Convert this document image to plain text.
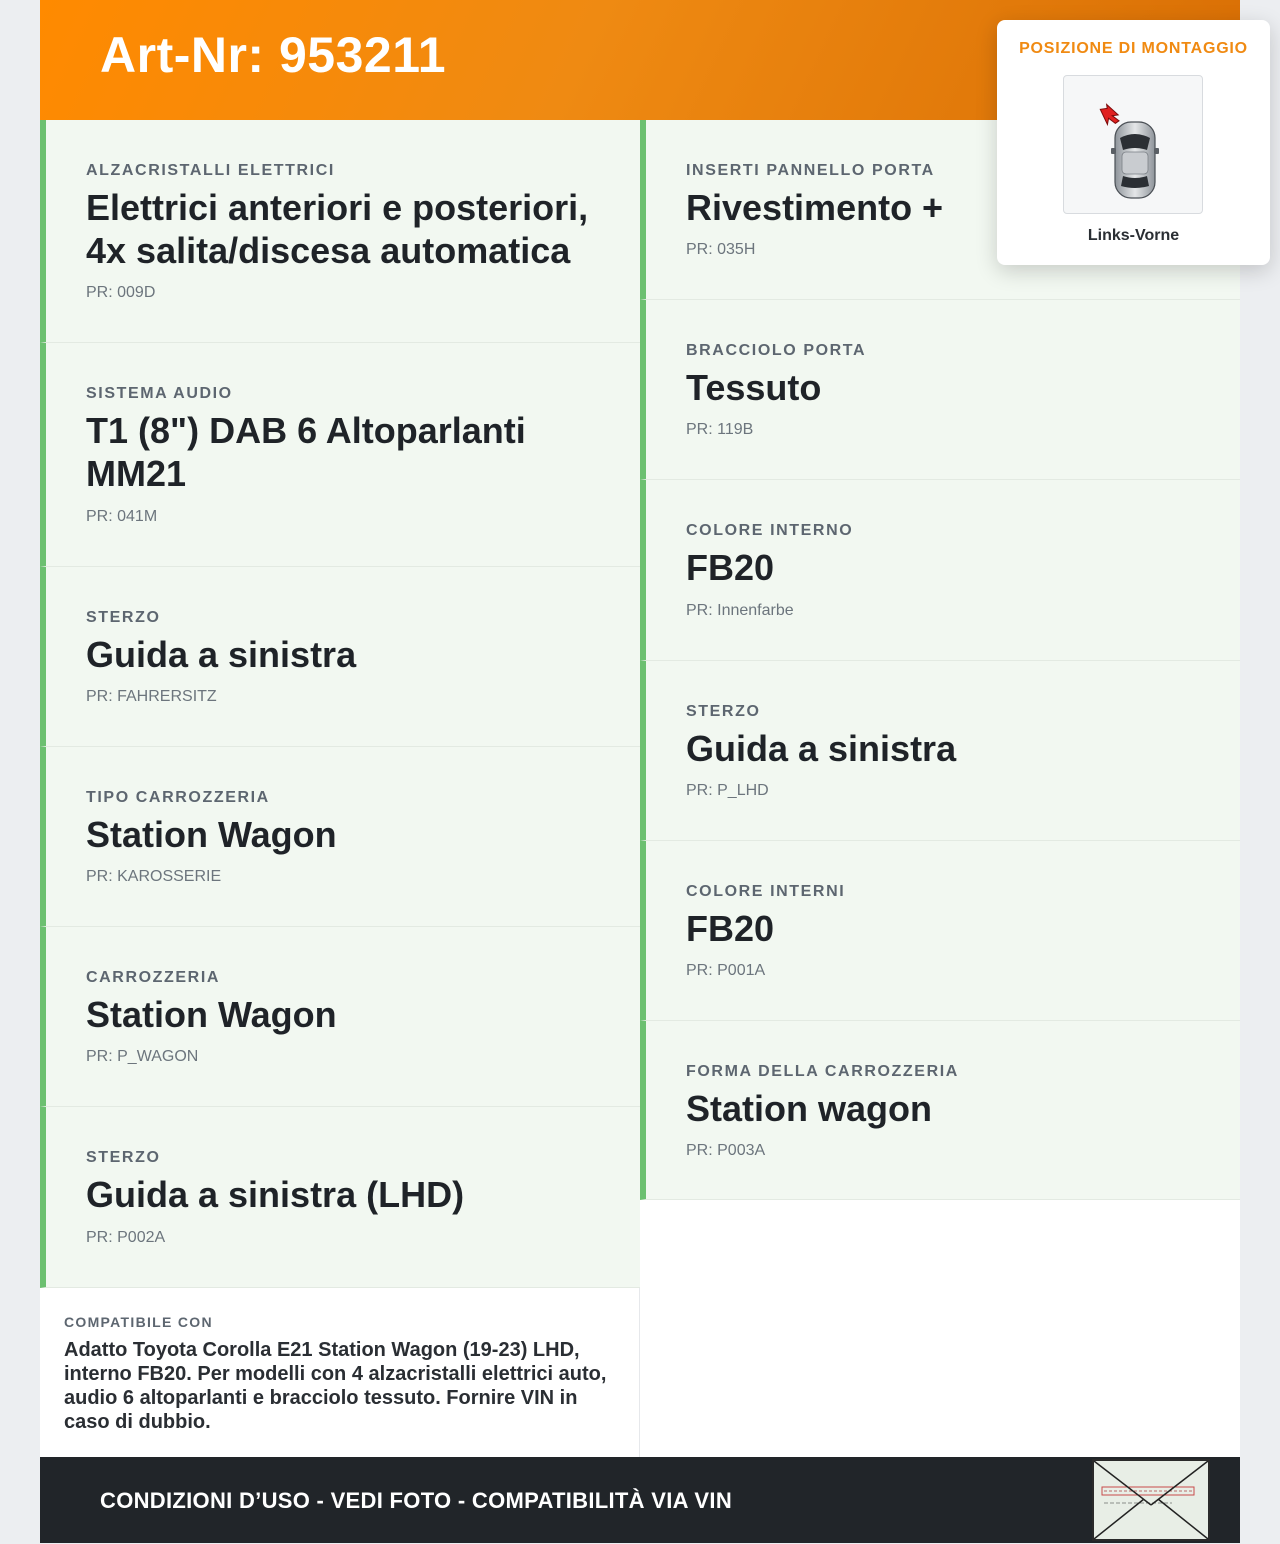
Art-Nr: 953211
ALZACRISTALLI ELETTRICI
Elettrici anteriori e posteriori, 4x salita/discesa automatica
PR: 009D
SISTEMA AUDIO
T1 (8") DAB 6 Altoparlanti MM21
PR: 041M
STERZO
Guida a sinistra
PR: FAHRERSITZ
TIPO CARROZZERIA
Station Wagon
PR: KAROSSERIE
CARROZZERIA
Station Wagon
PR: P_WAGON
STERZO
Guida a sinistra (LHD)
PR: P002A
INSERTI PANNELLO PORTA
Rivestimento +
PR: 035H
BRACCIOLO PORTA
Tessuto
PR: 119B
COLORE INTERNO
FB20
PR: Innenfarbe
STERZO
Guida a sinistra
PR: P_LHD
COLORE INTERNI
FB20
PR: P001A
FORMA DELLA CARROZZERIA
Station wagon
PR: P003A
COMPATIBILE CON
Adatto Toyota Corolla E21 Station Wagon (19-23) LHD, interno FB20. Per modelli con 4 alzacristalli elettrici auto, audio 6 altoparlanti e bracciolo tessuto. Fornire VIN in caso di dubbio.
CONDIZIONI D’USO - VEDI FOTO - COMPATIBILITÀ VIA VIN
POSIZIONE DI MONTAGGIO
Links-Vorne
